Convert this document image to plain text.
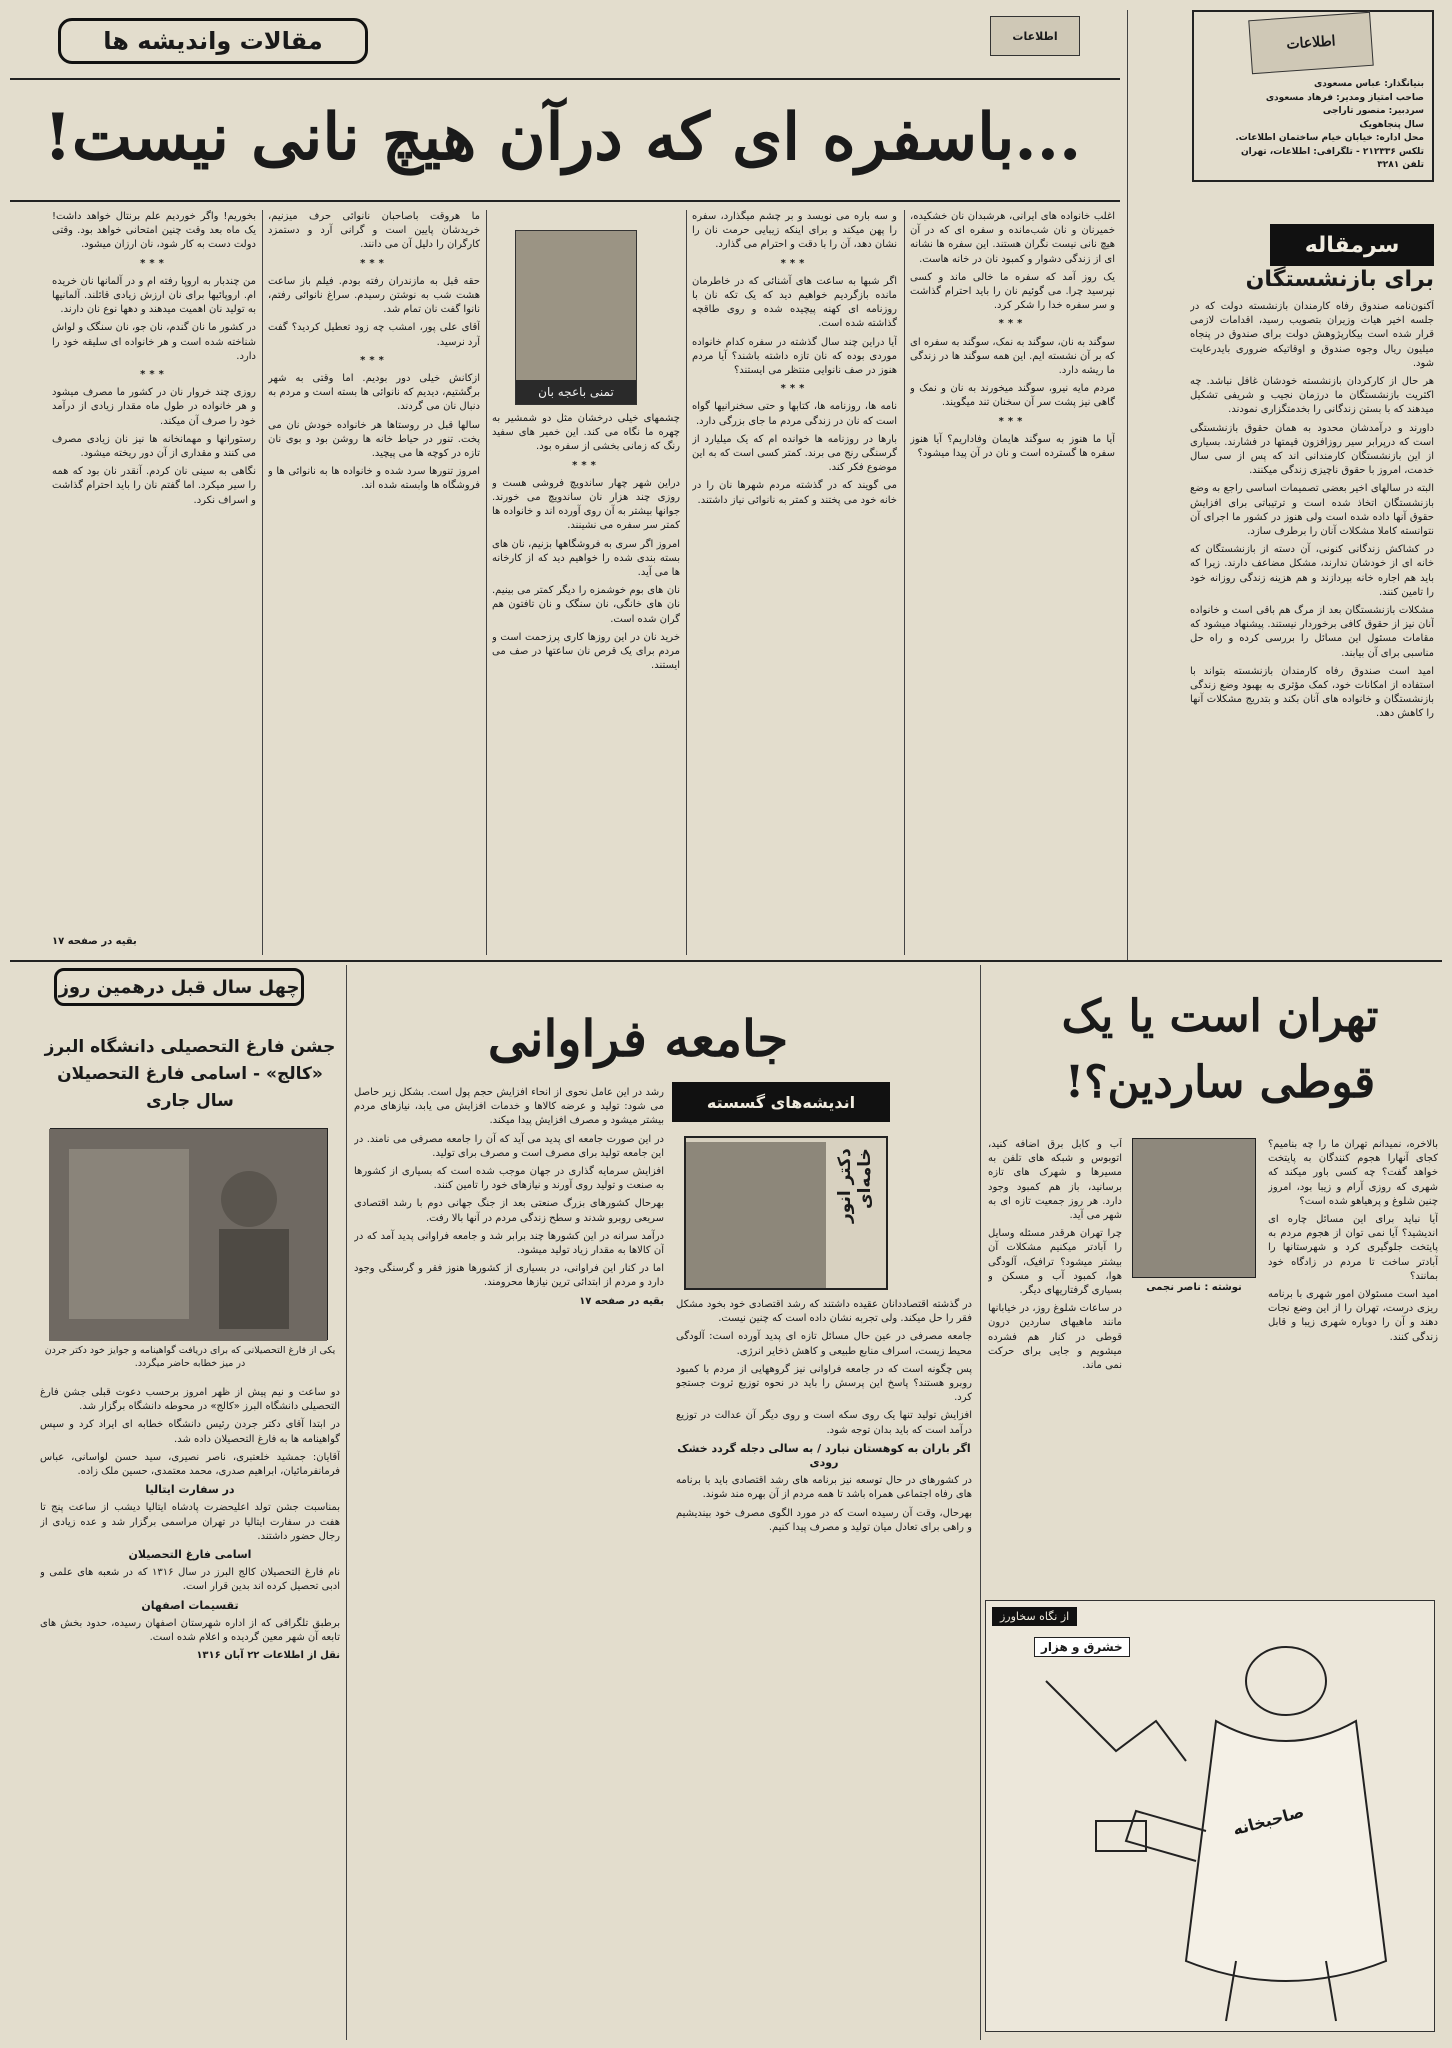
اطلاعات
بنیانگذار: عباس مسعودی
صاحب امتیاز ومدیر: فرهاد مسعودی
سردبیر: منصور تاراجی
سال پنجاهویک
محل اداره: خیابان خیام ساختمان اطلاعات.
تلکس ۲۱۲۳۳۶ - تلگرافی: اطلاعات، تهران
تلفن ۳۲۸۱
مقالات واندیشه ها	اطلاعات
...باسفره ای که درآن هیچ نانی نیست!
سرمقاله
برای بازنشستگان

آکنون‌نامه صندوق رفاه کارمندان بازنشسته دولت که در جلسه اخیر هیات وزیران بتصویب رسید، اقدامات لازمی قرار شده است بیکارپژوهش دولت برای صندوق در پنجاه میلیون ریال وجوه صندوق و اوقاتیکه ضروری بایدرعایت شود.

هر حال از کارکردان بازنشسته خودشان غافل نباشد. چه اکثریت بازنشستگان ما درزمان نجیب و شریفی تشکیل میدهند که با بستن زندگانی را بخدمتگزاری نمودند.

داورند و درآمدشان محدود به همان حقوق بازنشستگی است که درپرابر سیر روزافزون قیمتها در فشارند. بسیاری از این بازنشستگان کارمندانی اند که پس از سی سال خدمت، امروز با حقوق ناچیزی زندگی میکنند.

البته در سالهای اخیر بعضی تصمیمات اساسی راجع به وضع بازنشستگان اتخاذ شده است و ترتیباتی برای افزایش حقوق آنها داده شده است ولی هنوز در کشور ما اجرای آن نتوانسته کاملا مشکلات آنان را برطرف سازد.

در کشاکش زندگانی کنونی، آن دسته از بازنشستگان که خانه ای از خودشان ندارند، مشکل مضاعف دارند. زیرا که باید هم اجاره خانه بپردازند و هم هزینه زندگی روزانه خود را تامین کنند.

مشکلات بازنشستگان بعد از مرگ هم باقی است و خانواده آنان نیز از حقوق کافی برخوردار نیستند. پیشنهاد میشود که مقامات مسئول این مسائل را بررسی کرده و راه حل مناسبی برای آن بیابند.

امید است صندوق رفاه کارمندان بازنشسته بتواند با استفاده از امکانات خود، کمک مؤثری به بهبود وضع زندگی بازنشستگان و خانواده های آنان بکند و بتدریج مشکلات آنها را کاهش دهد.

اغلب خانواده های ایرانی، هرشبدان نان خشکیده، خمیرنان و نان شب‌مانده و سفره ای که در آن هیچ نانی نیست نگران هستند. این سفره ها نشانه ای از زندگی دشوار و کمبود نان در خانه هاست.

یک روز آمد که سفره ما خالی ماند و کسی نپرسید چرا. می گوئیم نان را باید احترام گذاشت و سر سفره خدا را شکر کرد.

***

سوگند به نان، سوگند به نمک، سوگند به سفره ای که بر آن نشسته ایم. این همه سوگند ها در زندگی ما ریشه دارد.

مردم مایه نیرو، سوگند میخورند به نان و نمک و گاهی نیز پشت سر آن سخنان تند میگویند.

***

آیا ما هنوز به سوگند هایمان وفاداریم؟ آیا هنوز سفره ها گسترده است و نان در آن پیدا میشود؟

و سه باره می نویسد و بر چشم میگذارد، سفره را پهن میکند و برای اینکه زیبایی حرمت نان را نشان دهد، آن را با دقت و احترام می گذارد.

***

اگر شبها به ساعت های آشنائی که در خاطرمان مانده بازگردیم خواهیم دید که یک تکه نان با روزنامه ای کهنه پیچیده شده و روی طاقچه گذاشته شده است.

آیا دراین چند سال گذشته در سفره کدام خانواده موردی بوده که نان تازه داشته باشند؟ آیا مردم هنوز در صف نانوایی منتظر می ایستند؟

***

نامه ها، روزنامه ها، کتابها و حتی سخنرانیها گواه است که نان در زندگی مردم ما جای بزرگی دارد.

بارها در روزنامه ها خوانده ام که یک میلیارد از گرسنگی رنج می برند. کمتر کسی است که به این موضوع فکر کند.

می گویند که در گذشته مردم شهرها نان را در خانه خود می پختند و کمتر به نانوائی نیاز داشتند.

تمنی باعجه بان

چشمهای خیلی درخشان مثل دو شمشیر به چهره ما نگاه می کند. این خمیر های سفید رنگ که زمانی بخشی از سفره بود.

***

دراین شهر چهار ساندویچ فروشی هست و روزی چند هزار نان ساندویچ می خورند. جوانها بیشتر به آن روی آورده اند و خانواده ها کمتر سر سفره می نشینند.

امروز اگر سری به فروشگاهها بزنیم، نان های بسته بندی شده را خواهیم دید که از کارخانه ها می آید.

نان های بوم خوشمزه را دیگر کمتر می بینیم. نان های خانگی، نان سنگک و نان تافتون هم گران شده است.

خرید نان در این روزها کاری پرزحمت است و مردم برای یک قرص نان ساعتها در صف می ایستند.

ما هروقت باصاحبان نانوائی حرف میزنیم، خریدشان پایین است و گرانی آرد و دستمزد کارگران را دلیل آن می دانند.

***

حقه قبل به مازندران رفته بودم. فیلم باز ساعت هشت شب به نوشتن رسیدم. سراغ نانوائی رفتم، نانوا گفت نان تمام شد.

آقای علی پور، امشب چه زود تعطیل کردید؟ گفت آرد نرسید.

***

ازکانش خیلی دور بودیم. اما وقتی به شهر برگشتیم، دیدیم که نانوائی ها بسته است و مردم به دنبال نان می گردند.

سالها قبل در روستاها هر خانواده خودش نان می پخت. تنور در حیاط خانه ها روشن بود و بوی نان تازه در کوچه ها می پیچید.

امروز تنورها سرد شده و خانواده ها به نانوائی ها و فروشگاه ها وابسته شده اند.

بخوریم! واگر خوردیم علم برنتال خواهد داشت! یک ماه بعد وقت چنین امتحانی خواهد بود. وقتی دولت دست به کار شود، نان ارزان میشود.

***

من چندبار به اروپا رفته ام و در آلمانها نان خریده ام. اروپائیها برای نان ارزش زیادی قائلند. آلمانیها به تولید نان اهمیت میدهند و دهها نوع نان دارند.

در کشور ما نان گندم، نان جو، نان سنگک و لواش شناخته شده است و هر خانواده ای سلیقه خود را دارد.

***

روزی چند خروار نان در کشور ما مصرف میشود و هر خانواده در طول ماه مقدار زیادی از درآمد خود را صرف آن میکند.

رستورانها و مهمانخانه ها نیز نان زیادی مصرف می کنند و مقداری از آن دور ریخته میشود.

نگاهی به سینی نان کردم. آنقدر نان بود که همه را سیر میکرد. اما گفتم نان را باید احترام گذاشت و اسراف نکرد.

بقیه در صفحه ۱۷
چهل سال قبل درهمین روز
جشن فارغ التحصیلی دانشگاه البرز «کالج» - اسامی فارغ التحصیلان سال جاری
یکی از فارغ التحصیلانی که برای دریافت گواهینامه و جوایز خود دکتر جردن در میز خطابه حاضر میگردد.

دو ساعت و نیم پیش از ظهر امروز برحسب دعوت قبلی جشن فارغ التحصیلی دانشگاه البرز «کالج» در محوطه دانشگاه برگزار شد.

در ابتدا آقای دکتر جردن رئیس دانشگاه خطابه ای ایراد کرد و سپس گواهینامه ها به فارغ التحصیلان داده شد.

آقایان: جمشید خلعتبری، ناصر نصیری، سید حسن لواسانی، عباس فرمانفرمائیان، ابراهیم صدری، محمد معتمدی، حسین ملک زاده.

در سفارت ایتالیا

بمناسبت جشن تولد اعلیحضرت پادشاه ایتالیا دیشب از ساعت پنج تا هفت در سفارت ایتالیا در تهران مراسمی برگزار شد و عده زیادی از رجال حضور داشتند.

اسامی فارغ التحصیلان

نام فارغ التحصیلان کالج البرز در سال ۱۳۱۶ که در شعبه های علمی و ادبی تحصیل کرده اند بدین قرار است.

تقسیمات اصفهان

برطبق تلگرافی که از اداره شهرستان اصفهان رسیده، حدود بخش های تابعه آن شهر معین گردیده و اعلام شده است.

نقل از اطلاعات ۲۲ آبان ۱۳۱۶

جامعه فراوانی
اندیشه‌های گسسته
دکتر انور خامه‌ای

در گذشته اقتصاددانان عقیده داشتند که رشد اقتصادی خود بخود مشکل فقر را حل میکند. ولی تجربه نشان داده است که چنین نیست.

جامعه مصرفی در عین حال مسائل تازه ای پدید آورده است: آلودگی محیط زیست، اسراف منابع طبیعی و کاهش ذخایر انرژی.

پس چگونه است که در جامعه فراوانی نیز گروههایی از مردم با کمبود روبرو هستند؟ پاسخ این پرسش را باید در نحوه توزیع ثروت جستجو کرد.

افزایش تولید تنها یک روی سکه است و روی دیگر آن عدالت در توزیع درآمد است که باید بدان توجه شود.

اگر باران به کوهستان نبارد / به سالی دجله گردد خشک رودی

در کشورهای در حال توسعه نیز برنامه های رشد اقتصادی باید با برنامه های رفاه اجتماعی همراه باشد تا همه مردم از آن بهره مند شوند.

بهرحال، وقت آن رسیده است که در مورد الگوی مصرف خود بیندیشیم و راهی برای تعادل میان تولید و مصرف پیدا کنیم.

رشد در این عامل نحوی از انحاء افزایش حجم پول است. بشکل زیر حاصل می شود: تولید و عرضه کالاها و خدمات افزایش می یابد، نیازهای مردم بیشتر میشود و مصرف افزایش پیدا میکند.

در این صورت جامعه ای پدید می آید که آن را جامعه مصرفی می نامند. در این جامعه تولید برای مصرف است و مصرف برای تولید.

افزایش سرمایه گذاری در جهان موجب شده است که بسیاری از کشورها به صنعت و تولید روی آورند و نیازهای خود را تامین کنند.

بهرحال کشورهای بزرگ صنعتی بعد از جنگ جهانی دوم با رشد اقتصادی سریعی روبرو شدند و سطح زندگی مردم در آنها بالا رفت.

درآمد سرانه در این کشورها چند برابر شد و جامعه فراوانی پدید آمد که در آن کالاها به مقدار زیاد تولید میشود.

اما در کنار این فراوانی، در بسیاری از کشورها هنوز فقر و گرسنگی وجود دارد و مردم از ابتدائی ترین نیازها محرومند.

بقیه در صفحه ۱۷

تهران است یا یک قوطی ساردین؟!
نوشته : ناصر نجمی

بالاخره، نمیدانم تهران ما را چه بنامیم؟ کجای آنهارا هجوم کنندگان به پایتخت خواهد گفت؟ چه کسی باور میکند که شهری که روزی آرام و زیبا بود، امروز چنین شلوغ و پرهیاهو شده است؟

آیا نباید برای این مسائل چاره ای اندیشید؟ آیا نمی توان از هجوم مردم به پایتخت جلوگیری کرد و شهرستانها را آبادتر ساخت تا مردم در زادگاه خود بمانند؟

امید است مسئولان امور شهری با برنامه ریزی درست، تهران را از این وضع نجات دهند و آن را دوباره شهری زیبا و قابل زندگی کنند.

آب و کابل برق اضافه کنید، اتوبوس و شبکه های تلفن به مسیرها و شهرک های تازه برسانید، باز هم کمبود وجود دارد. هر روز جمعیت تازه ای به شهر می آید.

چرا تهران هرقدر مسئله وسایل را آبادتر میکنیم مشکلات آن بیشتر میشود؟ ترافیک، آلودگی هوا، کمبود آب و مسکن و بسیاری گرفتاریهای دیگر.

در ساعات شلوغ روز، در خیابانها مانند ماهیهای ساردین درون قوطی در کنار هم فشرده میشویم و جایی برای حرکت نمی ماند.

از نگاه سخاورز
خشرق و هزار
صاحبخانه
